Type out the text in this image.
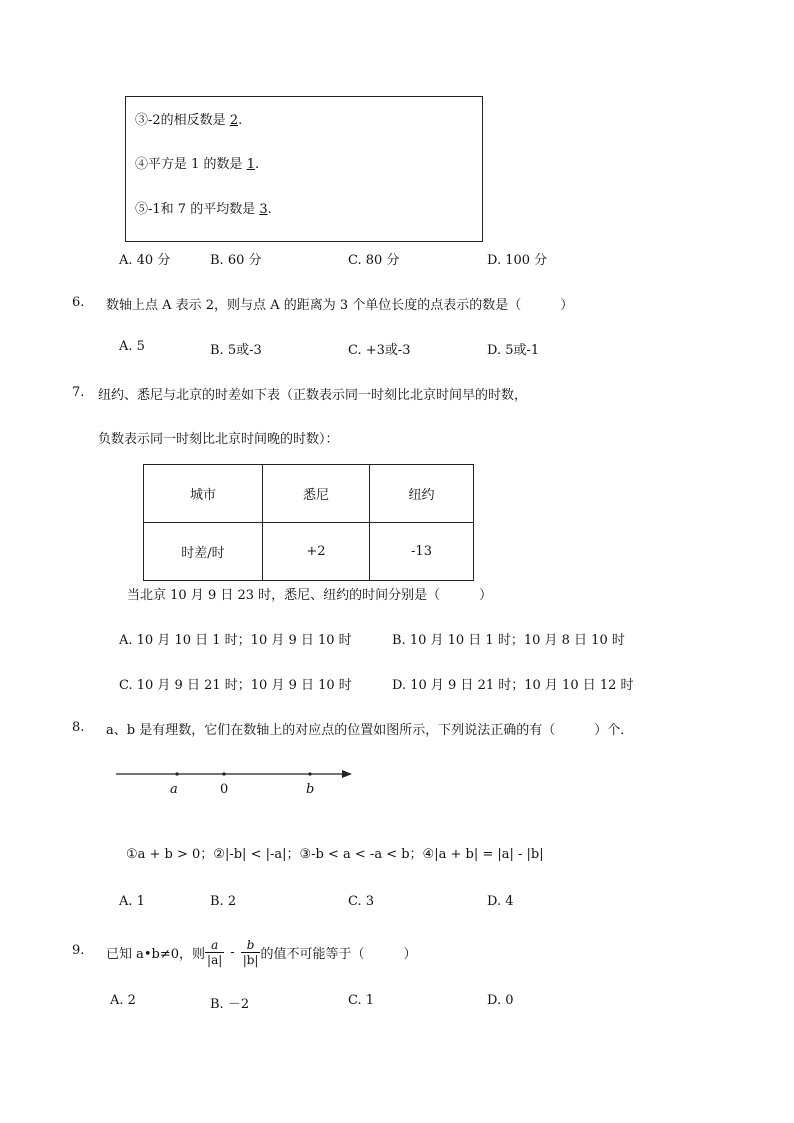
③-2的相反数是 2.
④平方是 1 的数是 1.
⑤-1和 7 的平均数是 3.
A. 40 分	B. 60 分	C. 80 分	D. 100 分
6. 数轴上点 A 表示 2，则与点 A 的距离为 3 个单位长度的点表示的数是（　　　）
A. 5	B. 5或-3	C. +3或-3	D. 5或-1
7. 纽约、悉尼与北京的时差如下表（正数表示同一时刻比北京时间早的时数，
负数表示同一时刻比北京时间晚的时数）：
城市	悉尼	纽约
时差/时	+2	-13
当北京 10 月 9 日 23 时，悉尼、纽约的时间分别是（　　　）
A. 10 月 10 日 1 时；10 月 9 日 10 时	B. 10 月 10 日 1 时；10 月 8 日 10 时
C. 10 月 9 日 21 时；10 月 9 日 10 时	D. 10 月 9 日 21 时；10 月 10 日 12 时
8. a、b 是有理数，它们在数轴上的对应点的位置如图所示，下列说法正确的有（　　　）个．
a	0	b
①a + b > 0；②|-b| < |-a|；③-b < a < -a < b；④|a + b| = |a| - |b|
A. 1	B. 2	C. 3	D. 4
9. 已知 a•b≠0，则 $\frac{a}{|a|} - \frac{b}{|b|}$ 的值不可能等于（　　　）
A. 2	B. －2	C. 1	D. 0
